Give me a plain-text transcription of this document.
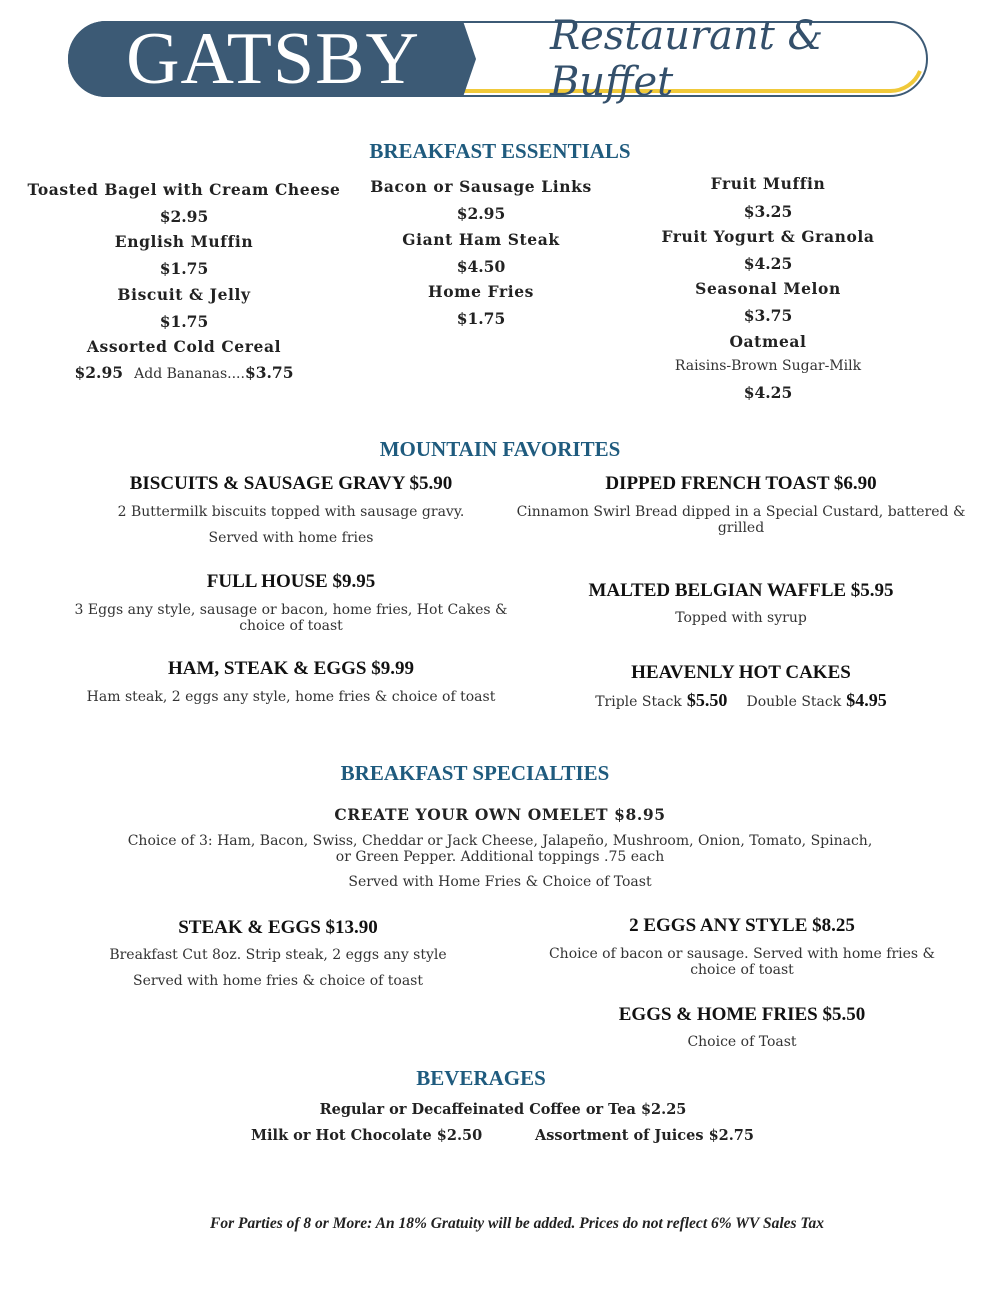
GATSBY	Restaurant & Buffet
BREAKFAST ESSENTIALS
Toasted Bagel with Cream Cheese
$2.95
English Muffin
$1.75
Biscuit & Jelly
$1.75
Assorted Cold Cereal
$2.95 Add Bananas....$3.75
Bacon or Sausage Links
$2.95
Giant Ham Steak
$4.50
Home Fries
$1.75
Fruit Muffin
$3.25
Fruit Yogurt & Granola
$4.25
Seasonal Melon
$3.75
Oatmeal
Raisins-Brown Sugar-Milk
$4.25
MOUNTAIN FAVORITES
BISCUITS & SAUSAGE GRAVY $5.90
2 Buttermilk biscuits topped with sausage gravy.
Served with home fries
FULL HOUSE $9.95
3 Eggs any style, sausage or bacon, home fries, Hot Cakes & choice of toast
HAM, STEAK & EGGS $9.99
Ham steak, 2 eggs any style, home fries & choice of toast
DIPPED FRENCH TOAST $6.90
Cinnamon Swirl Bread dipped in a Special Custard, battered & grilled
MALTED BELGIAN WAFFLE $5.95
Topped with syrup
HEAVENLY HOT CAKES
Triple Stack $5.50 Double Stack $4.95
BREAKFAST SPECIALTIES
CREATE YOUR OWN OMELET $8.95
Choice of 3: Ham, Bacon, Swiss, Cheddar or Jack Cheese, Jalapeño, Mushroom, Onion, Tomato, Spinach, or Green Pepper. Additional toppings .75 each
Served with Home Fries & Choice of Toast
STEAK & EGGS $13.90
Breakfast Cut 8oz. Strip steak, 2 eggs any style
Served with home fries & choice of toast
2 EGGS ANY STYLE $8.25
Choice of bacon or sausage. Served with home fries & choice of toast
EGGS & HOME FRIES $5.50
Choice of Toast
BEVERAGES
Regular or Decaffeinated Coffee or Tea $2.25
Milk or Hot Chocolate $2.50	Assortment of Juices $2.75
For Parties of 8 or More: An 18% Gratuity will be added. Prices do not reflect 6% WV Sales Tax
